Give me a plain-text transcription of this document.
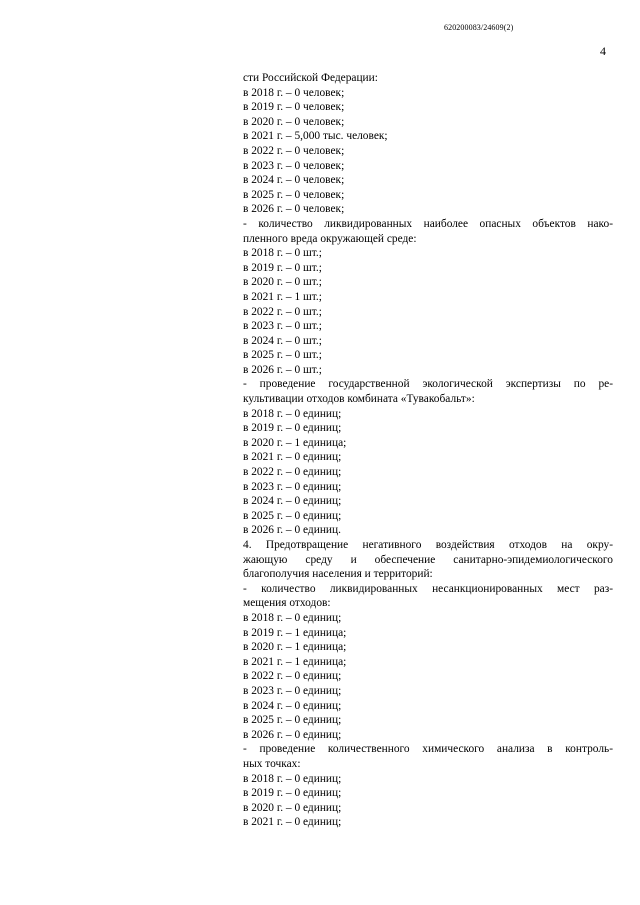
620200083/24609(2)
4
сти Российской Федерации:
в 2018 г. – 0 человек;
в 2019 г. – 0 человек;
в 2020 г. – 0 человек;
в 2021 г. – 5,000 тыс. человек;
в 2022 г. – 0 человек;
в 2023 г. – 0 человек;
в 2024 г. – 0 человек;
в 2025 г. – 0 человек;
в 2026 г. – 0 человек;
- количество ликвидированных наиболее опасных объектов нако-
пленного вреда окружающей среде:
в 2018 г. – 0 шт.;
в 2019 г. – 0 шт.;
в 2020 г. – 0 шт.;
в 2021 г. – 1 шт.;
в 2022 г. – 0 шт.;
в 2023 г. – 0 шт.;
в 2024 г. – 0 шт.;
в 2025 г. – 0 шт.;
в 2026 г. – 0 шт.;
- проведение государственной экологической экспертизы по ре-
культивации отходов комбината «Тувакобальт»:
в 2018 г. – 0 единиц;
в 2019 г. – 0 единиц;
в 2020 г. – 1 единица;
в 2021 г. – 0 единиц;
в 2022 г. – 0 единиц;
в 2023 г. – 0 единиц;
в 2024 г. – 0 единиц;
в 2025 г. – 0 единиц;
в 2026 г. – 0 единиц.
4. Предотвращение негативного воздействия отходов на окру-
жающую среду и обеспечение санитарно-эпидемиологического
благополучия населения и территорий:
- количество ликвидированных несанкционированных мест раз-
мещения отходов:
в 2018 г. – 0 единиц;
в 2019 г. – 1 единица;
в 2020 г. – 1 единица;
в 2021 г. – 1 единица;
в 2022 г. – 0 единиц;
в 2023 г. – 0 единиц;
в 2024 г. – 0 единиц;
в 2025 г. – 0 единиц;
в 2026 г. – 0 единиц;
- проведение количественного химического анализа в контроль-
ных точках:
в 2018 г. – 0 единиц;
в 2019 г. – 0 единиц;
в 2020 г. – 0 единиц;
в 2021 г. – 0 единиц;
